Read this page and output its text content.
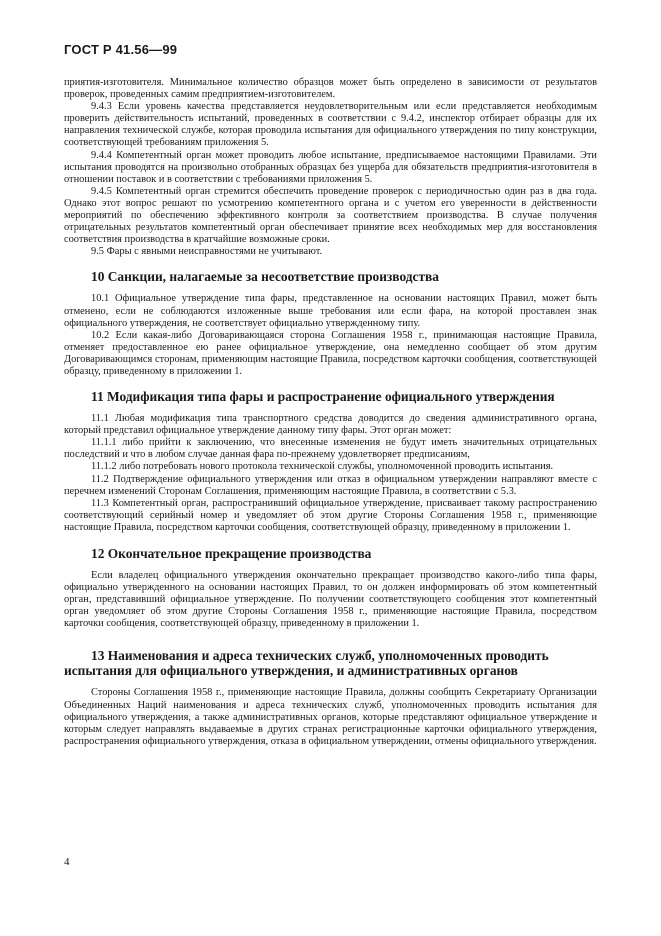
ГОСТ Р 41.56—99

приятия-изготовителя. Минимальное количество образцов может быть определено в зависимости от результатов проверок, проведенных самим предприятием-изготовителем.

9.4.3 Если уровень качества представляется неудовлетворительным или если представляется необходимым проверить действительность испытаний, проведенных в соответствии с 9.4.2, инспектор отбирает образцы для их направления технической службе, которая проводила испытания для официального утверждения по типу конструкции, соответствующей требованиям приложения 5.

9.4.4 Компетентный орган может проводить любое испытание, предписываемое настоящими Правилами. Эти испытания проводятся на произвольно отобранных образцах без ущерба для обязательств предприятия-изготовителя в отношении поставок и в соответствии с требованиями приложения 5.

9.4.5 Компетентный орган стремится обеспечить проведение проверок с периодичностью один раз в два года. Однако этот вопрос решают по усмотрению компетентного органа и с учетом его уверенности в действенности мероприятий по обеспечению эффективного контроля за соответствием производства. В случае получения отрицательных результатов компетентный орган обеспечивает принятие всех необходимых мер для восстановления соответствия производства в кратчайшие возможные сроки.

9.5 Фары с явными неисправностями не учитывают.

10 Санкции, налагаемые за несоответствие производства

10.1 Официальное утверждение типа фары, представленное на основании настоящих Правил, может быть отменено, если не соблюдаются изложенные выше требования или если фара, на которой проставлен знак официального утверждения, не соответствует официально утвержденному типу.

10.2 Если какая-либо Договаривающаяся сторона Соглашения 1958 г., принимающая настоящие Правила, отменяет предоставленное ею ранее официальное утверждение, она немедленно сообщает об этом другим Договаривающимся сторонам, применяющим настоящие Правила, посредством карточки сообщения, соответствующей образцу, приведенному в приложении 1.

11 Модификация типа фары и распространение официального утверждения

11.1 Любая модификация типа транспортного средства доводится до сведения административного органа, который представил официальное утверждение данному типу фары. Этот орган может:

11.1.1 либо прийти к заключению, что внесенные изменения не будут иметь значительных отрицательных последствий и что в любом случае данная фара по-прежнему удовлетворяет предписаниям,

11.1.2 либо потребовать нового протокола технической службы, уполномоченной проводить испытания.

11.2 Подтверждение официального утверждения или отказ в официальном утверждении направляют вместе с перечнем изменений Сторонам Соглашения, применяющим настоящие Правила, в соответствии с 5.3.

11.3 Компетентный орган, распространивший официальное утверждение, присваивает такому распространению соответствующий серийный номер и уведомляет об этом другие Стороны Соглашения 1958 г., применяющие настоящие Правила, посредством карточки сообщения, соответствующей образцу, приведенному в приложении 1.

12 Окончательное прекращение производства

Если владелец официального утверждения окончательно прекращает производство какого-либо типа фары, официально утвержденного на основании настоящих Правил, то он должен информировать об этом компетентный орган, представивший официальное утверждение. По получении соответствующего сообщения этот компетентный орган уведомляет об этом другие Стороны Соглашения 1958 г., применяющие настоящие Правила, посредством карточки сообщения, соответствующей образцу, приведенному в приложении 1.

13 Наименования и адреса технических служб, уполномоченных проводить испытания для официального утверждения, и административных органов

Стороны Соглашения 1958 г., применяющие настоящие Правила, должны сообщить Секретариату Организации Объединенных Наций наименования и адреса технических служб, уполномоченных проводить испытания для официального утверждения, а также административных органов, которые представляют официальное утверждение и которым следует направлять выдаваемые в других странах регистрационные карточки официального утверждения, распространения официального утверждения, отказа в официальном утверждении, отмены официального утверждения.

4
